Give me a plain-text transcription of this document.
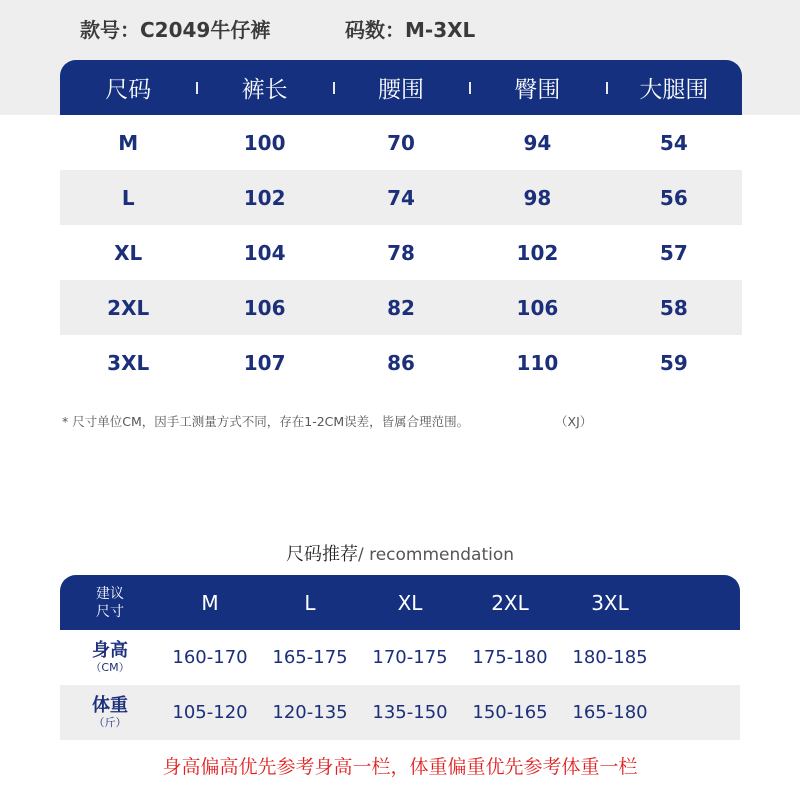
款号：C2049牛仔裤	码数：M-3XL
尺码	裤长	腰围	臀围	大腿围
M	100	70	94	54
L	102	74	98	56
XL	104	78	102	57
2XL	106	82	106	58
3XL	107	86	110	59
* 尺寸单位CM，因手工测量方式不同，存在1-2CM误差，皆属合理范围。	（XJ）
尺码推荐/ recommendation
建议
尺寸	M	L	XL	2XL	3XL
身高
（CM）	160-170	165-175	170-175	175-180	180-185
体重
（斤）	105-120	120-135	135-150	150-165	165-180
身高偏高优先参考身高一栏，体重偏重优先参考体重一栏
